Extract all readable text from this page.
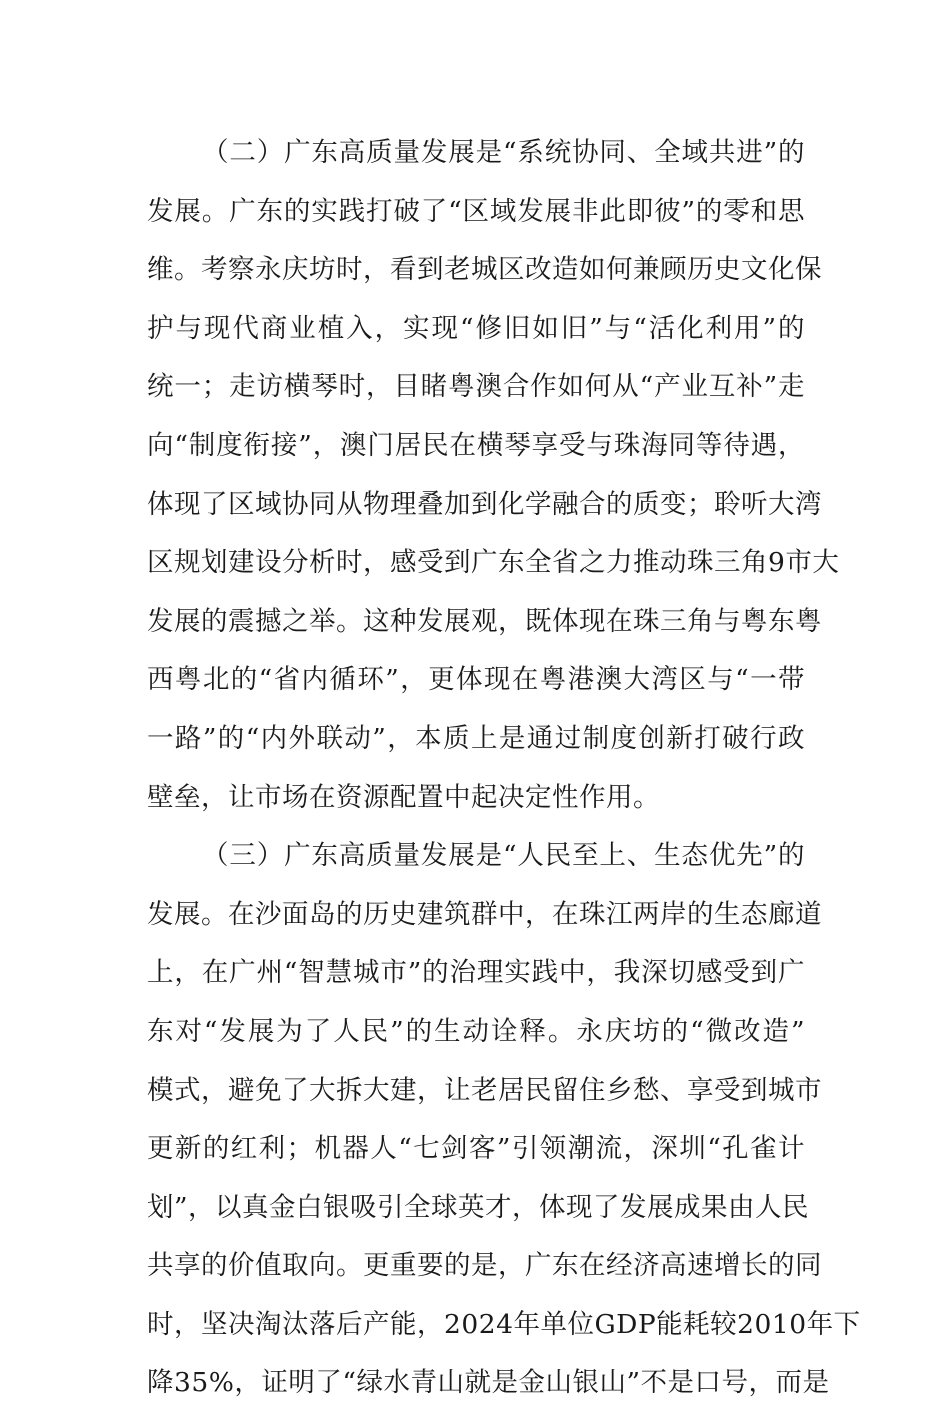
（二）广东高质量发展是“系统协同、全域共进”的
发展。广东的实践打破了“区域发展非此即彼”的零和思
维。考察永庆坊时，看到老城区改造如何兼顾历史文化保
护与现代商业植入，实现“修旧如旧”与“活化利用”的
统一；走访横琴时，目睹粤澳合作如何从“产业互补”走
向“制度衔接”，澳门居民在横琴享受与珠海同等待遇，
体现了区域协同从物理叠加到化学融合的质变；聆听大湾
区规划建设分析时，感受到广东全省之力推动珠三角9市大
发展的震撼之举。这种发展观，既体现在珠三角与粤东粤
西粤北的“省内循环”，更体现在粤港澳大湾区与“一带
一路”的“内外联动”，本质上是通过制度创新打破行政
壁垒，让市场在资源配置中起决定性作用。
（三）广东高质量发展是“人民至上、生态优先”的
发展。在沙面岛的历史建筑群中，在珠江两岸的生态廊道
上，在广州“智慧城市”的治理实践中，我深切感受到广
东对“发展为了人民”的生动诠释。永庆坊的“微改造”
模式，避免了大拆大建，让老居民留住乡愁、享受到城市
更新的红利；机器人“七剑客”引领潮流，深圳“孔雀计
划”，以真金白银吸引全球英才，体现了发展成果由人民
共享的价值取向。更重要的是，广东在经济高速增长的同
时，坚决淘汰落后产能，2024年单位GDP能耗较2010年下
降35%，证明了“绿水青山就是金山银山”不是口号，而是
